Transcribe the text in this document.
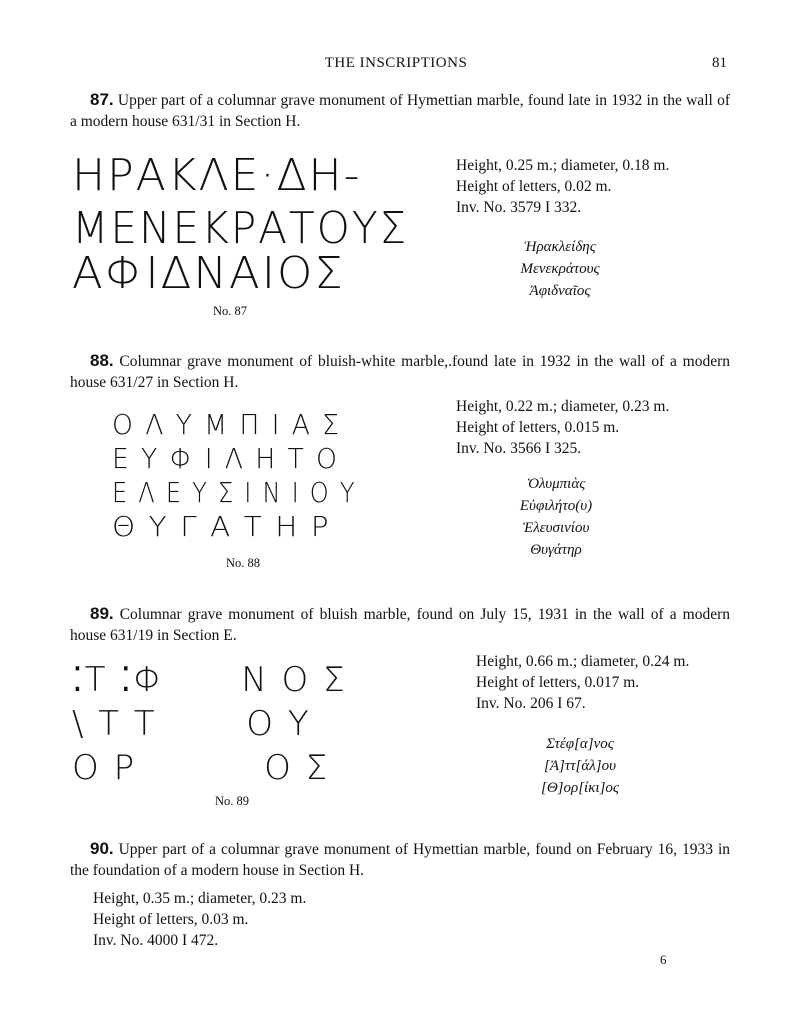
THE INSCRIPTIONS	81
87. Upper part of a columnar grave monument of Hymettian marble, found late in 1932 in the wall of a modern house 631/31 in Section H.
ΗΡΑΚΛΕ·ΔΗ-
ΜΕΝΕΚΡΑΤΟΥΣ
ΑΦΙΔΝΑΙΟΣ
No. 87
Height, 0.25 m.; diameter, 0.18 m.
Height of letters, 0.02 m.
Inv. No. 3579 I 332.
Ἡρακλείδης
Μενεκράτους
Ἀφιδναῖος
88. Columnar grave monument of bluish-white marble,.found late in 1932 in the wall of a modern house 631/27 in Section H.
Ο Λ Υ Μ Π Ι Α Σ
Ε Υ Φ Ι Λ Η Τ Ο
Ε Λ Ε Υ Σ Ι Ν Ι Ο Υ
Θ Υ Γ Α Τ Η Ρ
No. 88
Height, 0.22 m.; diameter, 0.23 m.
Height of letters, 0.015 m.
Inv. No. 3566 I 325.
Ὀλυμπιὰς
Εὐφιλήτο(υ)
Ἐλευσινίου
Θυγάτηρ
89. Columnar grave monument of bluish marble, found on July 15, 1931 in the wall of a modern house 631/19 in Section E.
⁚Τ ⁚Φ      Ν Ο Σ
\ Τ Τ       Ο Υ
Ο Ρ          Ο Σ
No. 89
Height, 0.66 m.; diameter, 0.24 m.
Height of letters, 0.017 m.
Inv. No. 206 I 67.
Στέφ[α]νος
[Ἀ]ττ[άλ]ου
[Θ]ορ[ίκι]ος
90. Upper part of a columnar grave monument of Hymettian marble, found on February 16, 1933 in the foundation of a modern house in Section H.
Height, 0.35 m.; diameter, 0.23 m.
Height of letters, 0.03 m.
Inv. No. 4000 I 472.
6
